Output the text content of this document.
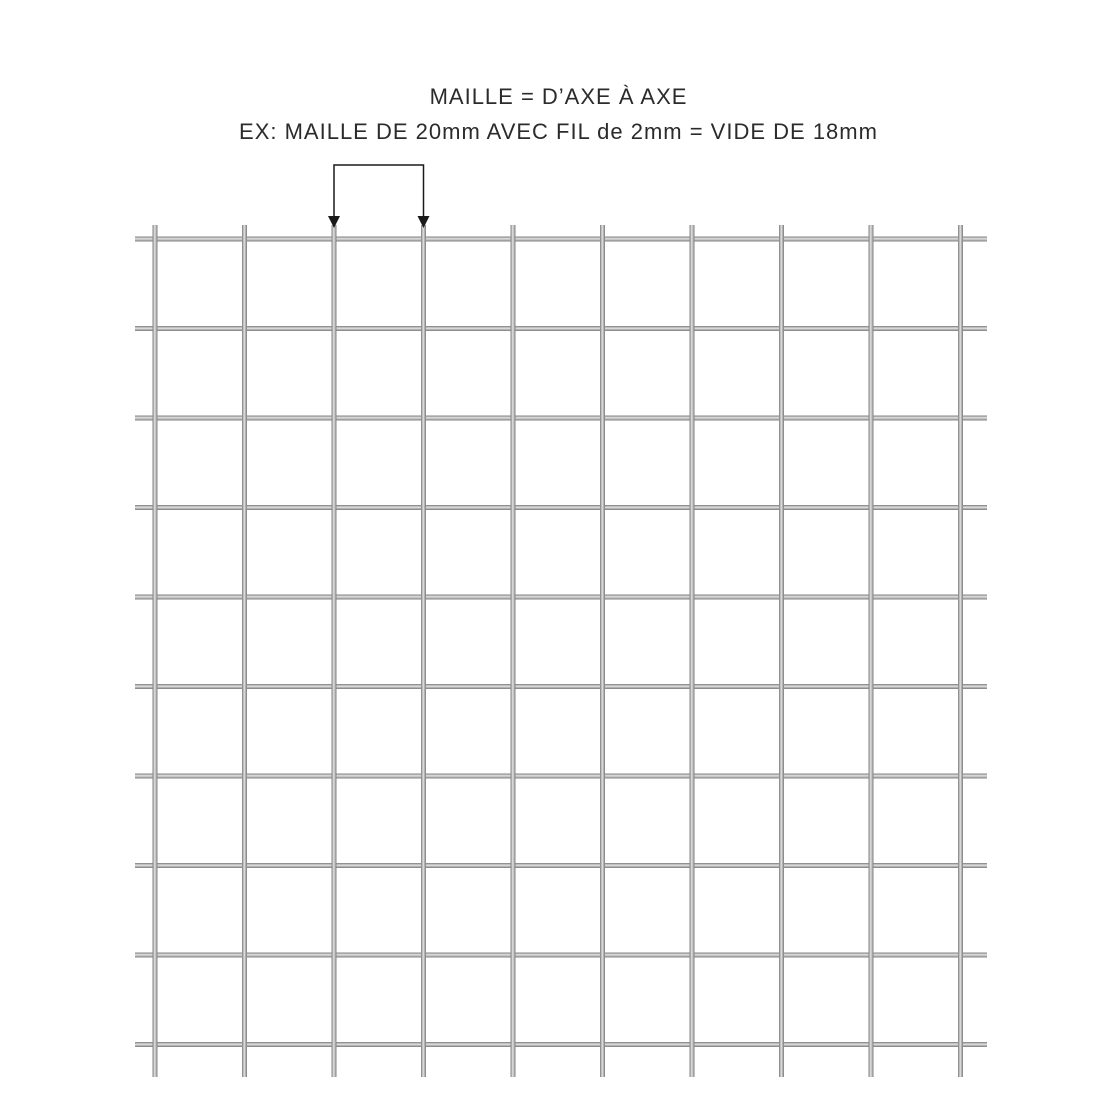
MAILLE = D’AXE À AXE
EX: MAILLE DE 20mm AVEC FIL de 2mm = VIDE DE 18mm
